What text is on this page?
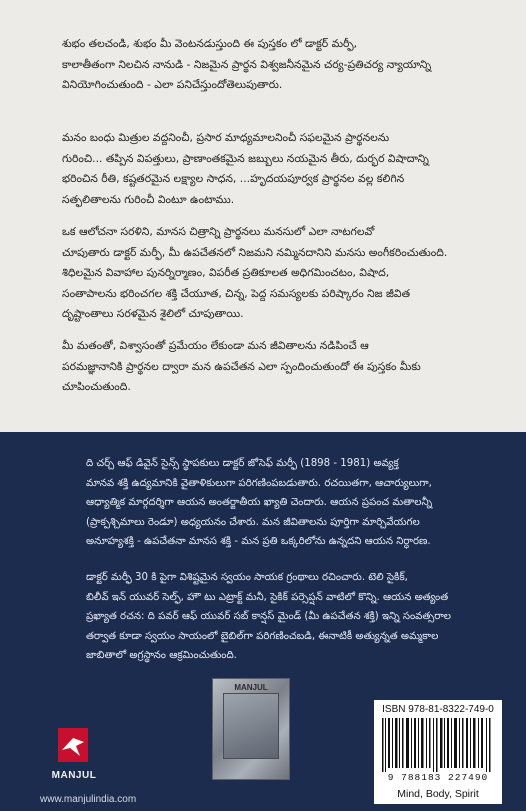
శుభం తలచండి, శుభం మీ వెంటనడుస్తుంది ఈ పుస్తకం లో డాక్టర్ మర్ఫీ,
కాలాతీతంగా నిలచిన నానుడి - నిజమైన ప్రార్థన విశ్వజనీనమైన చర్య-ప్రతిచర్య న్యాయాన్ని
వినియోగించుతుంది - ఎలా పనిచేస్తుందోతెలుపుతారు.
మనం బంధు మిత్రుల వద్దనించీ, ప్రసార మాధ్యమాలనించీ సఫలమైన ప్రార్థనలను
గురించి... తప్పిన విపత్తులు, ప్రాణాంతకమైన జబ్బులు నయమైన తీరు, దుర్భర విషాదాన్ని
భరించిన రీతి, కష్టతరమైన లక్ష్యాల సాధన, ...హృదయపూర్వక ప్రార్థనల వల్ల కలిగిన
సత్ఫలితాలను గురించీ వింటూ ఉంటాము.
ఒక ఆలోచనా సరళిని, మానస చిత్రాన్ని ప్రార్థనలు మనసులో ఎలా నాటగలవో
చూపుతారు డాక్టర్ మర్ఫీ, మీ ఉపచేతనలో నిజమని నమ్మినదానిని మనసు అంగీకరించుతుంది.
శిధిలమైన వివాహాల పునర్నిర్మాణం, విపరీత ప్రతికూలత అధిగమించటం, విషాద,
సంతాపాలను భరించగల శక్తి చేయూత, చిన్న, పెద్ద సమస్యలకు పరిష్కారం నిజ జీవిత
దృష్టాంతాలు సరళమైన శైలిలో చూపుతాయి.
మీ మతంతో, విశ్వాసంతో ప్రమేయం లేకుండా మన జీవితాలను నడిపించే ఆ
పరమజ్ఞానానికి ప్రార్థనల ద్వారా మన ఉపచేతన ఎలా స్పందించుతుందో ఈ పుస్తకం మీకు
చూపించుతుంది.
ది చర్చ్ ఆఫ్ డివైన్ సైన్స్ స్థాపకులు డాక్టర్ జోసెఫ్ మర్ఫీ (1898 - 1981) అవ్యక్త
మానవ శక్తి ఉద్యమానికి వైతాళికులుగా పరిగణింపబడుతారు. రచయితగా, ఆచార్యులుగా,
ఆధ్యాత్మిక మార్గదర్శిగా ఆయన అంతర్జాతీయ ఖ్యాతి చెందారు. ఆయన ప్రపంచ మతాలన్నీ
(ప్రాక్పశ్చిమాలు రెండూ) అధ్యయనం చేశారు. మన జీవితాలను పూర్తిగా మార్చివేయగల
అనూహ్యశక్తి - ఉపచేతనా మానస శక్తి - మన ప్రతి ఒక్కరిలోను ఉన్నదని ఆయన నిర్ధారణ.
డాక్టర్ మర్ఫీ 30 కి పైగా విశిష్టమైన స్వయం సాయక గ్రంథాలు రచించారు. టెలి సైకిక్,
బిలీవ్ ఇన్ యువర్ సెల్ఫ్, హౌ టు ఎట్రాక్ట్ మనీ, సైకిక్ పర్సెప్షన్ వాటిలో కొన్ని. ఆయన అత్యంత
ప్రఖ్యాత రచన: ది పవర్ ఆఫ్ యువర్ సబ్ కాన్షస్ మైండ్ (మీ ఉపచేతన శక్తి) ఇన్ని సంవత్సరాల
తర్వాత కూడా స్వయం సాయంలో బైబిల్‌గా పరిగణించబడి, ఈనాటికీ అత్యున్నత అమ్మకాల
జాబితాలో అగ్రస్థానం ఆక్రమించుతుంది.
MANJUL
www.manjulindia.com
MANJUL
ISBN 978-81-8322-749-0
9 788183 227490
Mind, Body, Spirit
